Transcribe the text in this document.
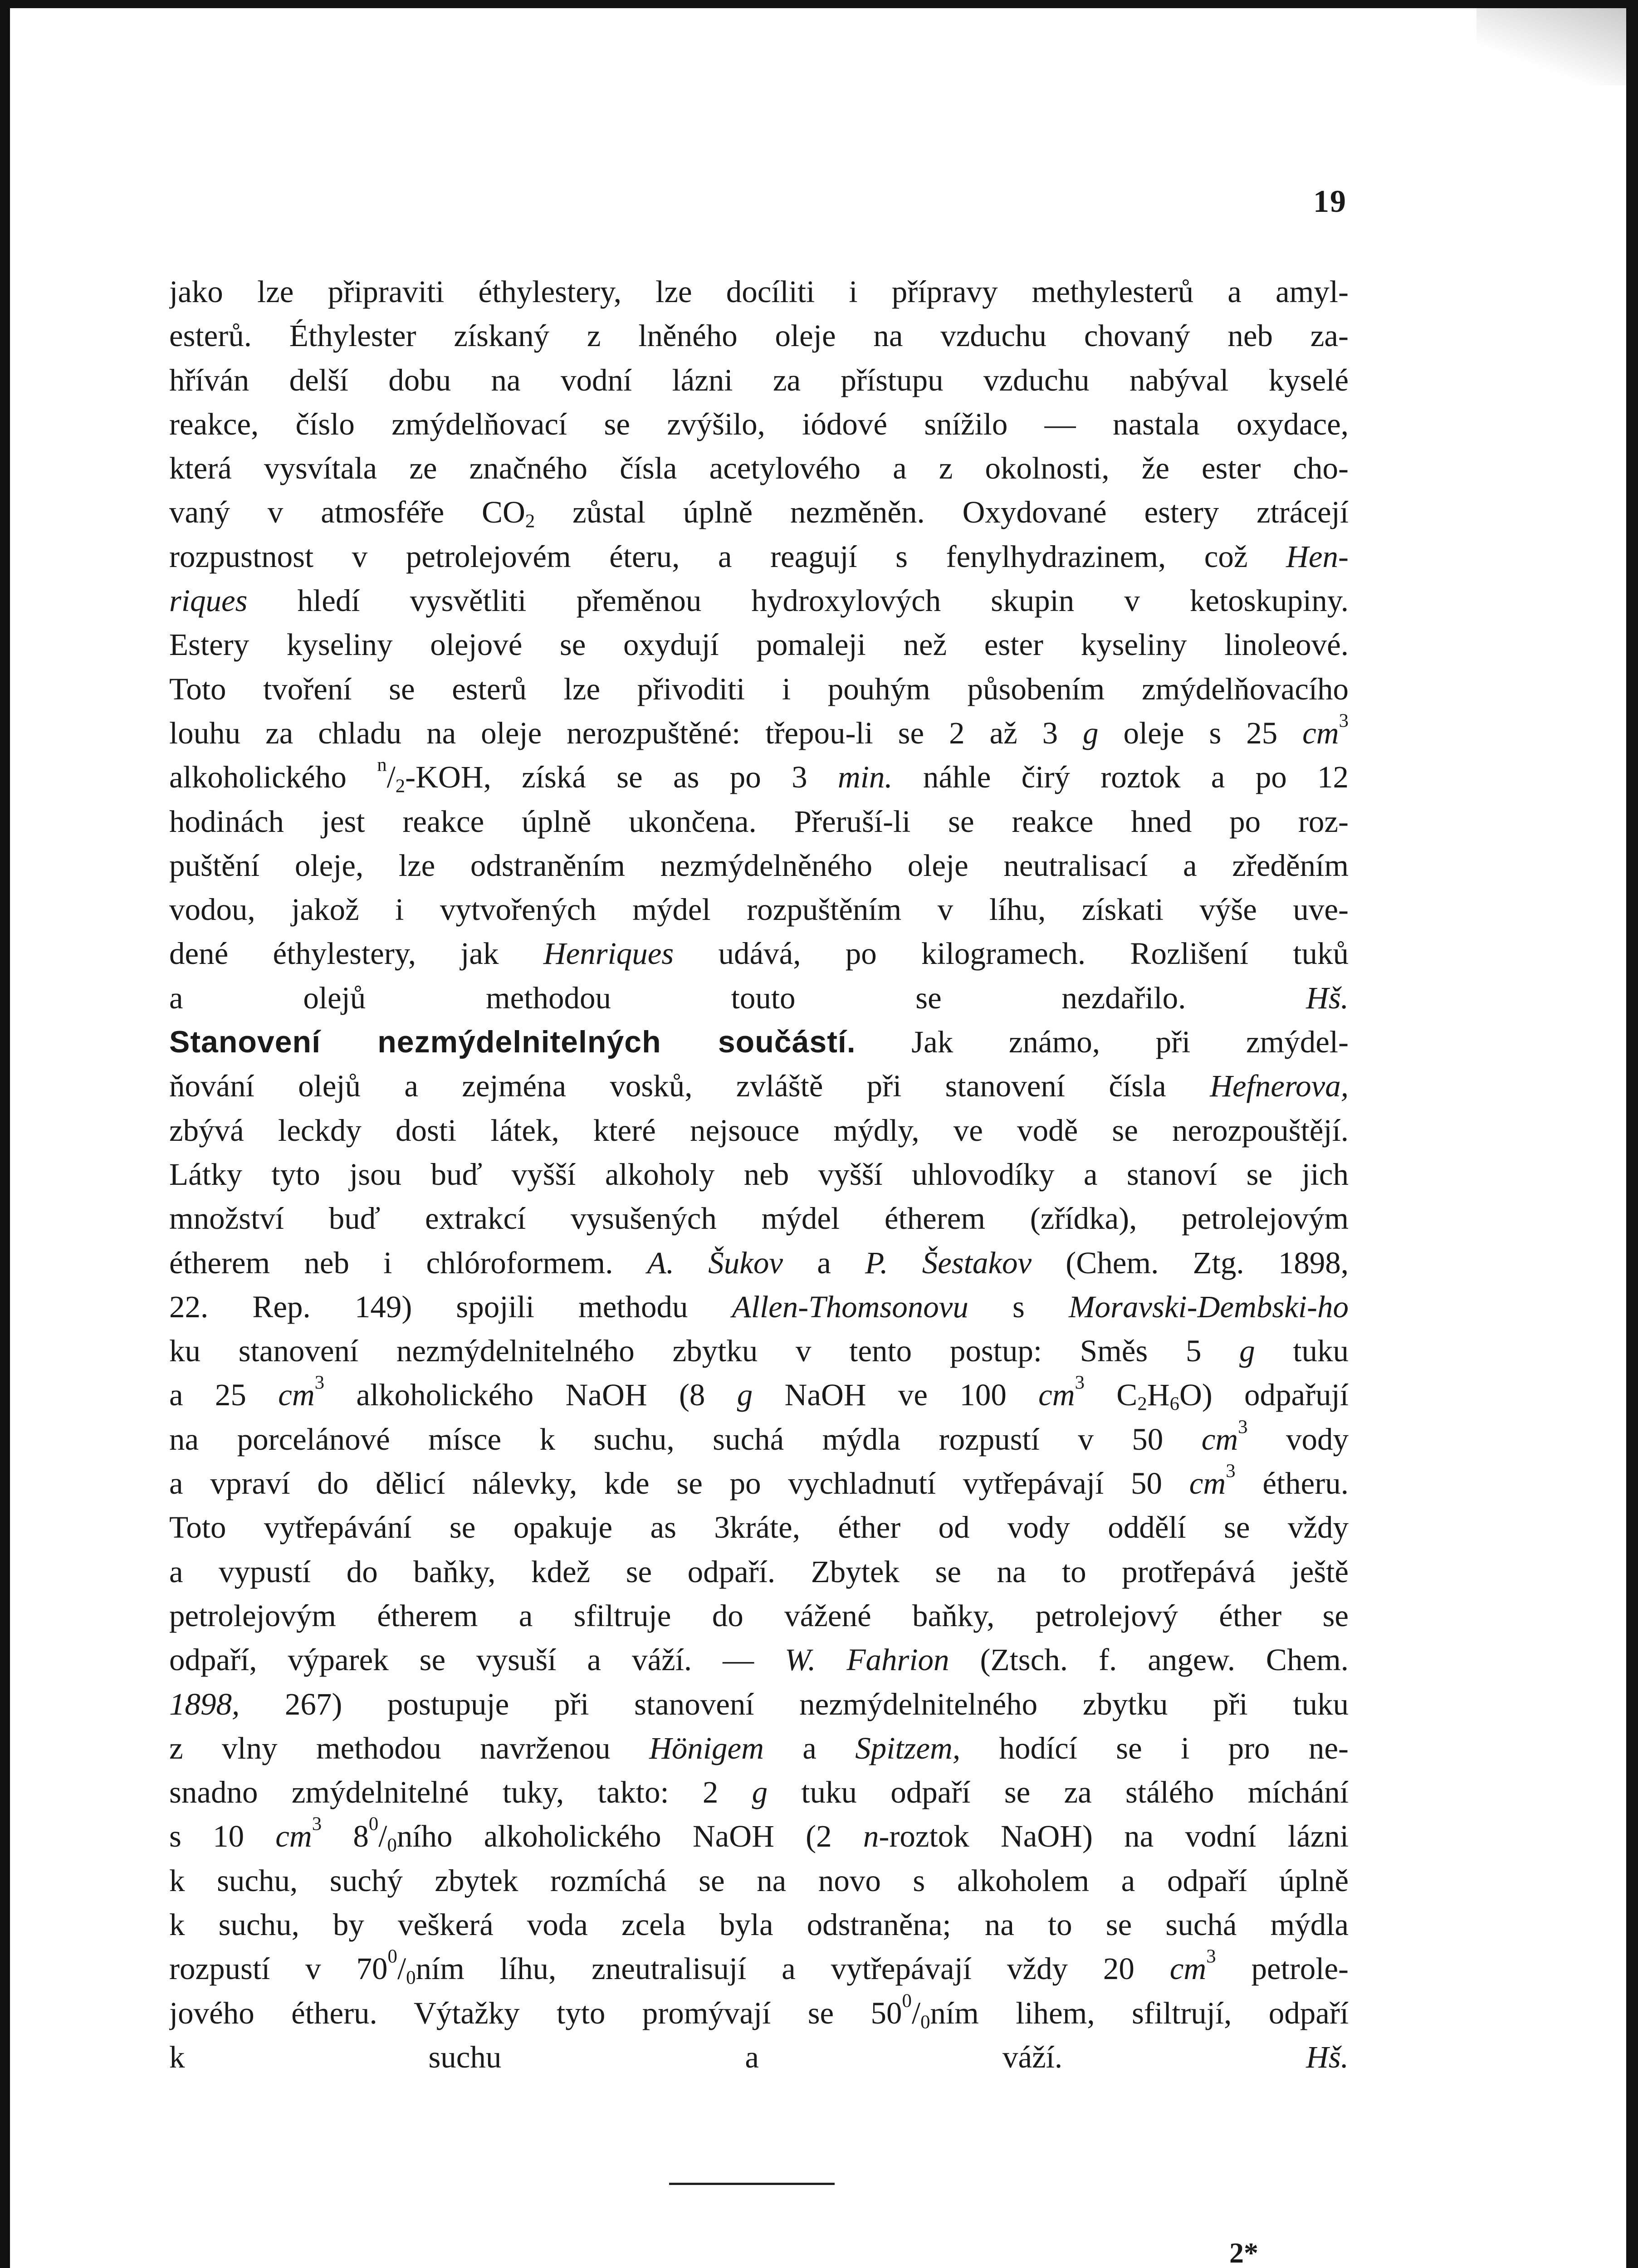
19
jako lze připraviti éthylestery, lze docíliti i přípravy methylesterů a amyl-
esterů. Éthylester získaný z lněného oleje na vzduchu chovaný neb za-
hříván delší dobu na vodní lázni za přístupu vzduchu nabýval kyselé
reakce, číslo zmýdelňovací se zvýšilo, iódové snížilo — nastala oxydace,
která vysvítala ze značného čísla acetylového a z okolnosti, že ester cho-
vaný v atmosféře $CO_2$ zůstal úplně nezměněn. Oxydované estery ztrácejí
rozpustnost v petrolejovém éteru, a reagují s fenylhydrazinem, což Hen-
riques hledí vysvětliti přeměnou hydroxylových skupin v ketoskupiny.
Estery kyseliny olejové se oxydují pomaleji než ester kyseliny linoleové.
Toto tvoření se esterů lze přivoditi i pouhým působením zmýdelňovacího
louhu za chladu na oleje nerozpuštěné: třepou-li se 2 až 3 g oleje s 25 $cm^3$
alkoholického $^n/_2$-KOH, získá se as po 3 min. náhle čirý roztok a po 12
hodinách jest reakce úplně ukončena. Přeruší-li se reakce hned po roz-
puštění oleje, lze odstraněním nezmýdelněného oleje neutralisací a zředěním
vodou, jakož i vytvořených mýdel rozpuštěním v líhu, získati výše uve-
dené éthylestery, jak Henriques udává, po kilogramech. Rozlišení tuků
a olejů methodou touto se nezdařilo.	Hš.
Stanovení nezmýdelnitelných součástí. Jak známo, při zmýdel-
ňování olejů a zejména vosků, zvláště při stanovení čísla Hefnerova,
zbývá leckdy dosti látek, které nejsouce mýdly, ve vodě se nerozpouštějí.
Látky tyto jsou buď vyšší alkoholy neb vyšší uhlovodíky a stanoví se jich
množství buď extrakcí vysušených mýdel étherem (zřídka), petrolejovým
étherem neb i chlóroformem. A. Šukov a P. Šestakov (Chem. Ztg. 1898,
22. Rep. 149) spojili methodu Allen-Thomsonovu s Moravski-Dembski-ho
ku stanovení nezmýdelnitelného zbytku v tento postup: Směs 5 g tuku
a 25 $cm^3$ alkoholického NaOH (8 g NaOH ve 100 $cm^3$ $C_2H_6O$) odpařují
na porcelánové mísce k suchu, suchá mýdla rozpustí v 50 $cm^3$ vody
a vpraví do dělicí nálevky, kde se po vychladnutí vytřepávají 50 $cm^3$ étheru.
Toto vytřepávání se opakuje as 3kráte, éther od vody oddělí se vždy
a vypustí do baňky, kdež se odpaří. Zbytek se na to protřepává ještě
petrolejovým étherem a sfiltruje do vážené baňky, petrolejový éther se
odpaří, výparek se vysuší a váží. — W. Fahrion (Ztsch. f. angew. Chem.
1898, 267) postupuje při stanovení nezmýdelnitelného zbytku při tuku
z vlny methodou navrženou Hönigem a Spitzem, hodící se i pro ne-
snadno zmýdelnitelné tuky, takto: 2 g tuku odpaří se za stálého míchání
s 10 $cm^3$ $8^0/_0ního$ alkoholického NaOH (2 n-roztok NaOH) na vodní lázni
k suchu, suchý zbytek rozmíchá se na novo s alkoholem a odpaří úplně
k suchu, by veškerá voda zcela byla odstraněna; na to se suchá mýdla
rozpustí v $70^0/_0ním$ líhu, zneutralisují a vytřepávají vždy 20 $cm^3$ petrole-
jového étheru. Výtažky tyto promývají se $50^0/_0ním$ lihem, sfiltrují, odpaří
k suchu a váží.	Hš.
2*
